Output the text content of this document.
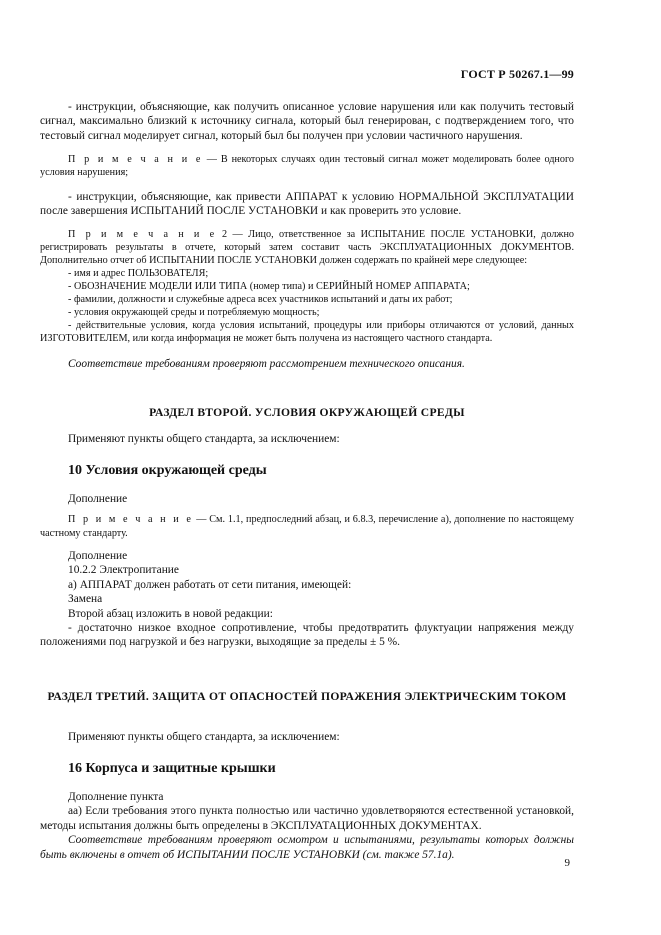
ГОСТ Р 50267.1—99

- инструкции, объясняющие, как получить описанное условие нарушения или как получить тестовый сигнал, максимально близкий к источнику сигнала, который был генерирован, с подтверждением того, что тестовый сигнал моделирует сигнал, который был бы получен при условии частичного нарушения.

П р и м е ч а н и е — В некоторых случаях один тестовый сигнал может моделировать более одного условия нарушения;

- инструкции, объясняющие, как привести АППАРАТ к условию НОРМАЛЬНОЙ ЭКСПЛУАТАЦИИ после завершения ИСПЫТАНИЙ ПОСЛЕ УСТАНОВКИ и как проверить это условие.

П р и м е ч а н и е 2 — Лицо, ответственное за ИСПЫТАНИЕ ПОСЛЕ УСТАНОВКИ, должно регистрировать результаты в отчете, который затем составит часть ЭКСПЛУАТАЦИОННЫХ ДОКУМЕНТОВ. Дополнительно отчет об ИСПЫТАНИИ ПОСЛЕ УСТАНОВКИ должен содержать по крайней мере следующее:

- имя и адрес ПОЛЬЗОВАТЕЛЯ;

- ОБОЗНАЧЕНИЕ МОДЕЛИ ИЛИ ТИПА (номер типа) и СЕРИЙНЫЙ НОМЕР АППАРАТА;

- фамилии, должности и служебные адреса всех участников испытаний и даты их работ;

- условия окружающей среды и потребляемую мощность;

- действительные условия, когда условия испытаний, процедуры или приборы отличаются от условий, данных ИЗГОТОВИТЕЛЕМ, или когда информация не может быть получена из настоящего частного стандарта.

Соответствие требованиям проверяют рассмотрением технического описания.

РАЗДЕЛ ВТОРОЙ. УСЛОВИЯ ОКРУЖАЮЩЕЙ СРЕДЫ

Применяют пункты общего стандарта, за исключением:

10 Условия окружающей среды

Дополнение

П р и м е ч а н и е — См. 1.1, предпоследний абзац, и 6.8.3, перечисление а), дополнение по настоящему частному стандарту.

Дополнение

10.2.2 Электропитание

а) АППАРАТ должен работать от сети питания, имеющей:

Замена

Второй абзац изложить в новой редакции:

- достаточно низкое входное сопротивление, чтобы предотвратить флуктуации напряжения между положениями под нагрузкой и без нагрузки, выходящие за пределы ± 5 %.

РАЗДЕЛ ТРЕТИЙ. ЗАЩИТА ОТ ОПАСНОСТЕЙ ПОРАЖЕНИЯ ЭЛЕКТРИЧЕСКИМ ТОКОМ

Применяют пункты общего стандарта, за исключением:

16 Корпуса и защитные крышки

Дополнение пункта

аа) Если требования этого пункта полностью или частично удовлетворяются естественной установкой, методы испытания должны быть определены в ЭКСПЛУАТАЦИОННЫХ ДОКУМЕНТАХ.

Соответствие требованиям проверяют осмотром и испытаниями, результаты которых должны быть включены в отчет об ИСПЫТАНИИ ПОСЛЕ УСТАНОВКИ (см. также 57.1а).

9
